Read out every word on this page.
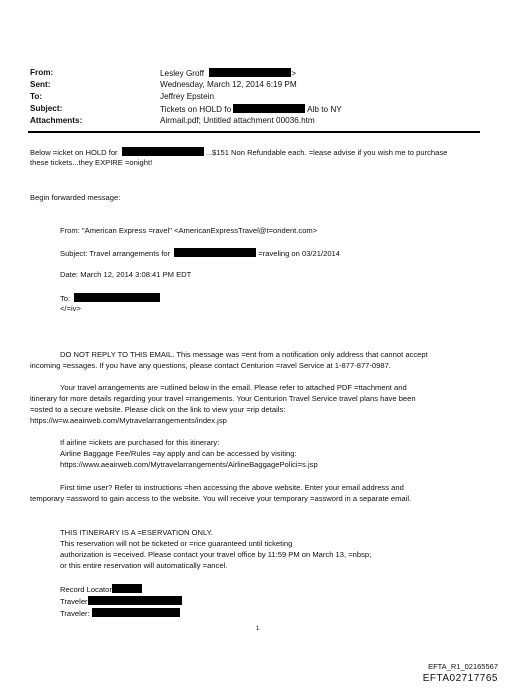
From:	Lesley Groff	>
Sent:	Wednesday, March 12, 2014 6:19 PM
To:	Jeffrey Epstein
Subject:	Tickets on HOLD fo	Alb to NY
Attachments:	Airmail.pdf; Untitled attachment 00036.htm
Below =icket on HOLD for	...$151 Non Refundable each. =lease advise if you wish me to purchase
these tickets...they EXPIRE =onight!
Begin forwarded message:
From: "American Express =ravel" <AmericanExpressTravel@t=ondent.com>
Subject: Travel arrangements for	=raveling on 03/21/2014
Date: March 12, 2014 3:08:41 PM EDT
To:
</=iv>
DO NOT REPLY TO THIS EMAIL. This message was =ent from a notification only address that cannot accept
incoming =essages. If you have any questions, please contact Centurion =ravel Service at 1-877-877-0987.
Your travel arrangements are =utlined below in the email. Please refer to attached PDF =ttachment and
itinerary for more details regarding your travel =rrangements. Your Centurion Travel Service travel plans have been
=osted to a secure website. Please click on the link to view your =rip details:
https://w=w.aeairweb.com/Mytravelarrangements/index.jsp
If airline =ickets are purchased for this itinerary:
Airline Baggage Fee/Rules =ay apply and can be accessed by visiting:
https://www.aeairweb.com/Mytravelarrangements/AirlineBaggagePolici=s.jsp
First time user? Refer to instructions =hen accessing the above website. Enter your email address and
temporary =assword to gain access to the website. You will receive your temporary =assword in a separate email.
THIS ITINERARY IS A =ESERVATION ONLY.
This reservation will not be ticketed or =rice guaranteed until ticketing
authorization is =eceived. Please contact your travel office by 11:59 PM on March 13, =nbsp;
or this entire reservation will automatically =ancel.
Record Locator
Traveler
Traveler:
1
EFTA_R1_02165567
EFTA02717765
